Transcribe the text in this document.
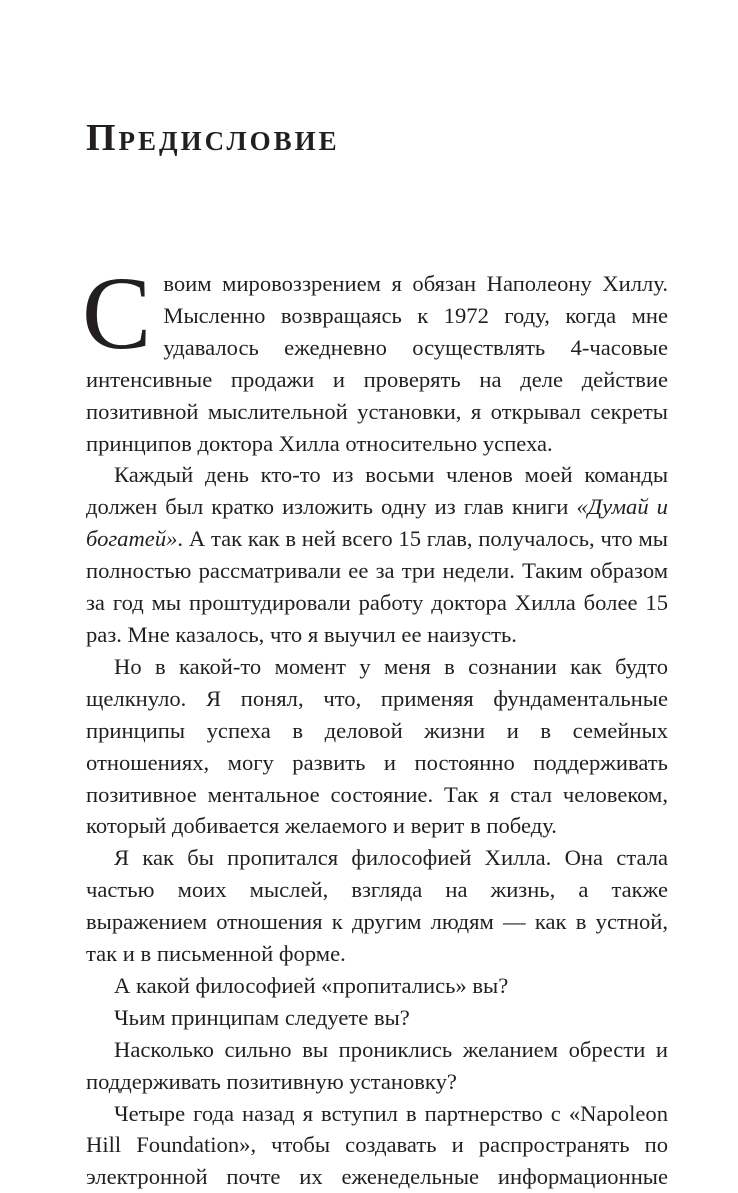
Предисловие

Своим мировоззрением я обязан Наполеону Хиллу. Мысленно возвращаясь к 1972 году, когда мне удавалось ежедневно осуществлять 4-часовые интенсивные продажи и проверять на деле действие позитивной мыслительной установки, я открывал секреты принципов доктора Хилла относительно успеха.

Каждый день кто-то из восьми членов моей команды должен был кратко изложить одну из глав книги «Думай и богатей». А так как в ней всего 15 глав, получалось, что мы полностью рассматривали ее за три недели. Таким образом за год мы проштудировали работу доктора Хилла более 15 раз. Мне казалось, что я выучил ее наизусть.

Но в какой-то момент у меня в сознании как будто щелкнуло. Я понял, что, применяя фундаментальные принципы успеха в деловой жизни и в семейных отношениях, могу развить и постоянно поддерживать позитивное ментальное состояние. Так я стал человеком, который добивается желаемого и верит в победу.

Я как бы пропитался философией Хилла. Она стала частью моих мыслей, взгляда на жизнь, а также выражением отношения к другим людям — как в устной, так и в письменной форме.

А какой философией «пропитались» вы?

Чьим принципам следуете вы?

Насколько сильно вы прониклись желанием обрести и поддерживать позитивную установку?

Четыре года назад я вступил в партнерство с «Napoleon Hill Foundation», чтобы создавать и распространять по электронной почте их еженедельные информационные
